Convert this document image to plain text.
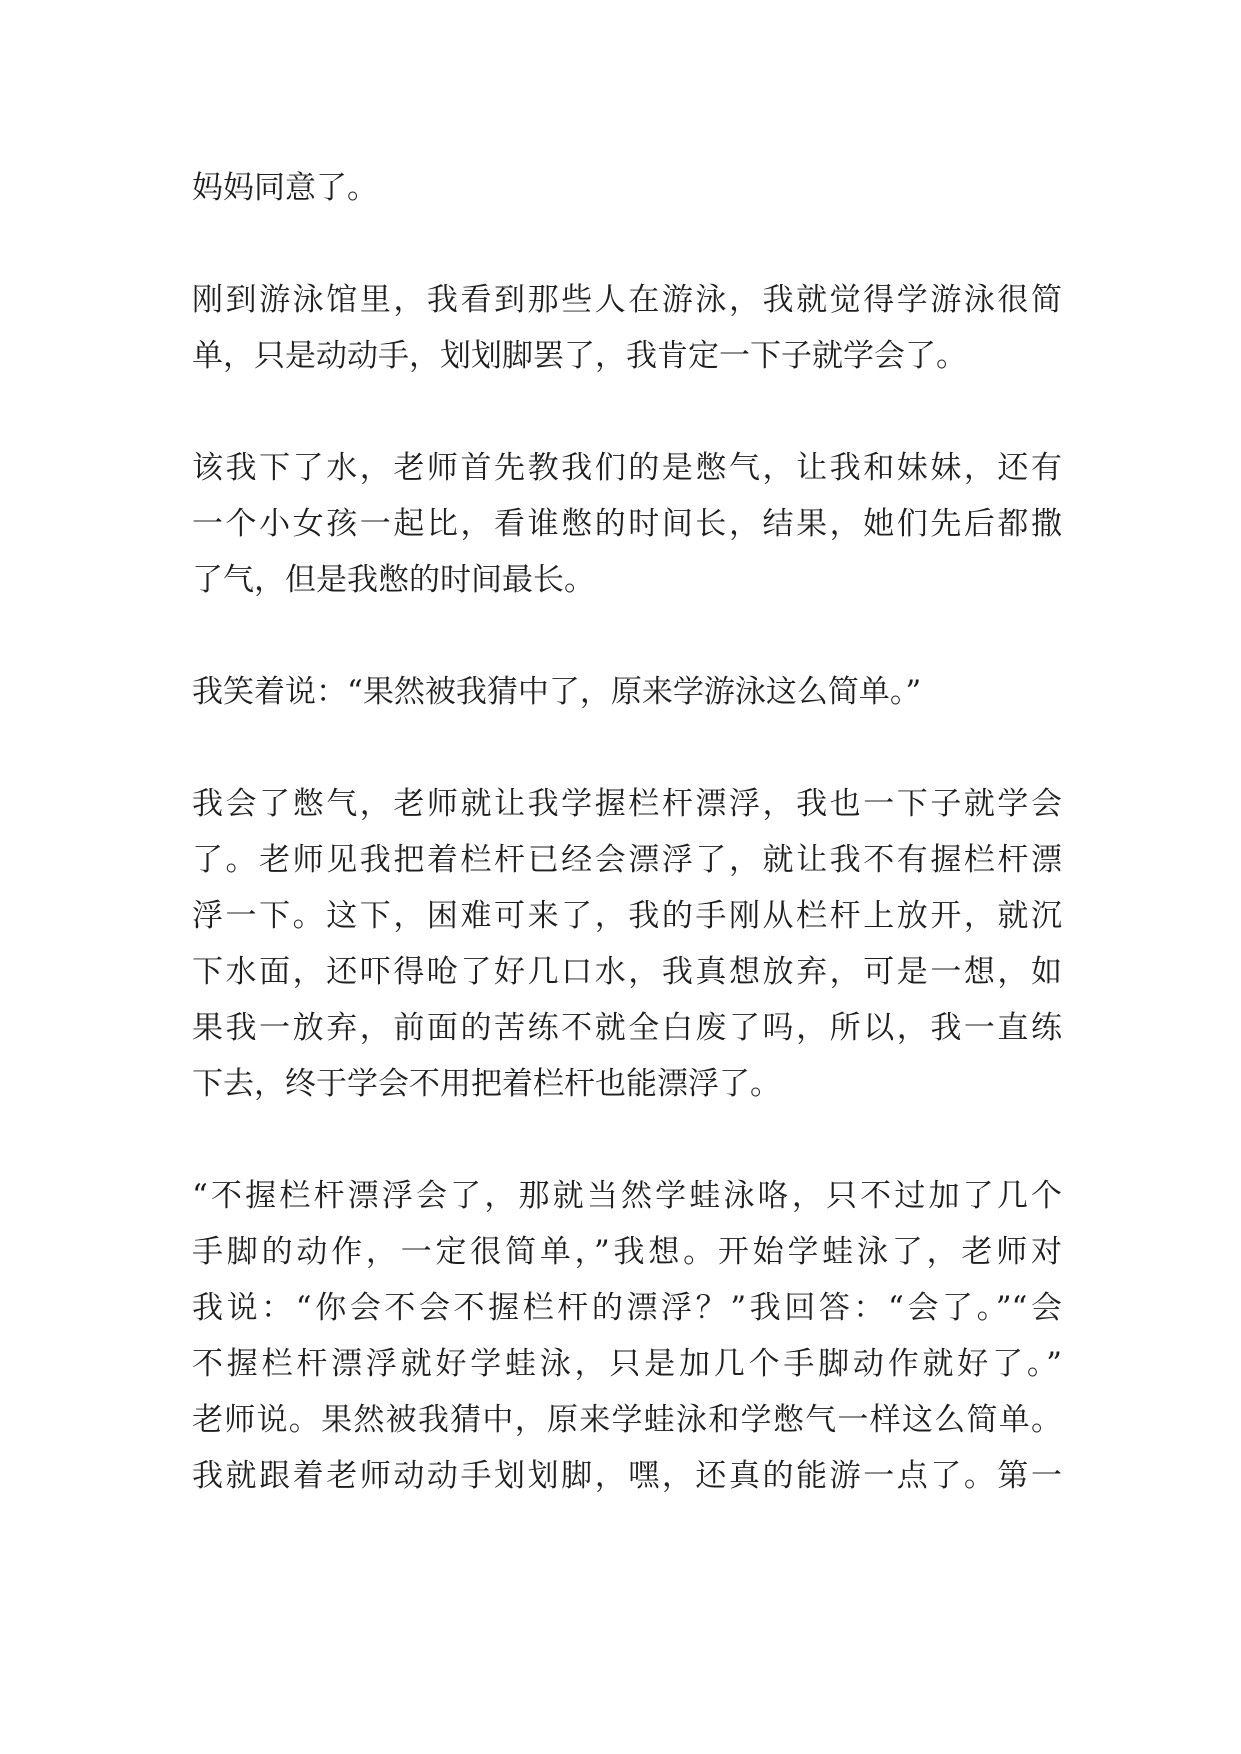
妈妈同意了。
刚到游泳馆里，我看到那些人在游泳，我就觉得学游泳很简
单，只是动动手，划划脚罢了，我肯定一下子就学会了。
该我下了水，老师首先教我们的是憋气，让我和妹妹，还有
一个小女孩一起比，看谁憋的时间长，结果，她们先后都撒
了气，但是我憋的时间最长。
我笑着说：“果然被我猜中了，原来学游泳这么简单。”
我会了憋气，老师就让我学握栏杆漂浮，我也一下子就学会
了。老师见我把着栏杆已经会漂浮了，就让我不有握栏杆漂
浮一下。这下，困难可来了，我的手刚从栏杆上放开，就沉
下水面，还吓得呛了好几口水，我真想放弃，可是一想，如
果我一放弃，前面的苦练不就全白废了吗，所以，我一直练
下去，终于学会不用把着栏杆也能漂浮了。
“不握栏杆漂浮会了，那就当然学蛙泳咯，只不过加了几个
手脚的动作，一定很简单，”我想。开始学蛙泳了，老师对
我说：“你会不会不握栏杆的漂浮？”我回答：“会了。”“会
不握栏杆漂浮就好学蛙泳，只是加几个手脚动作就好了。”
老师说。果然被我猜中，原来学蛙泳和学憋气一样这么简单。
我就跟着老师动动手划划脚，嘿，还真的能游一点了。第一
